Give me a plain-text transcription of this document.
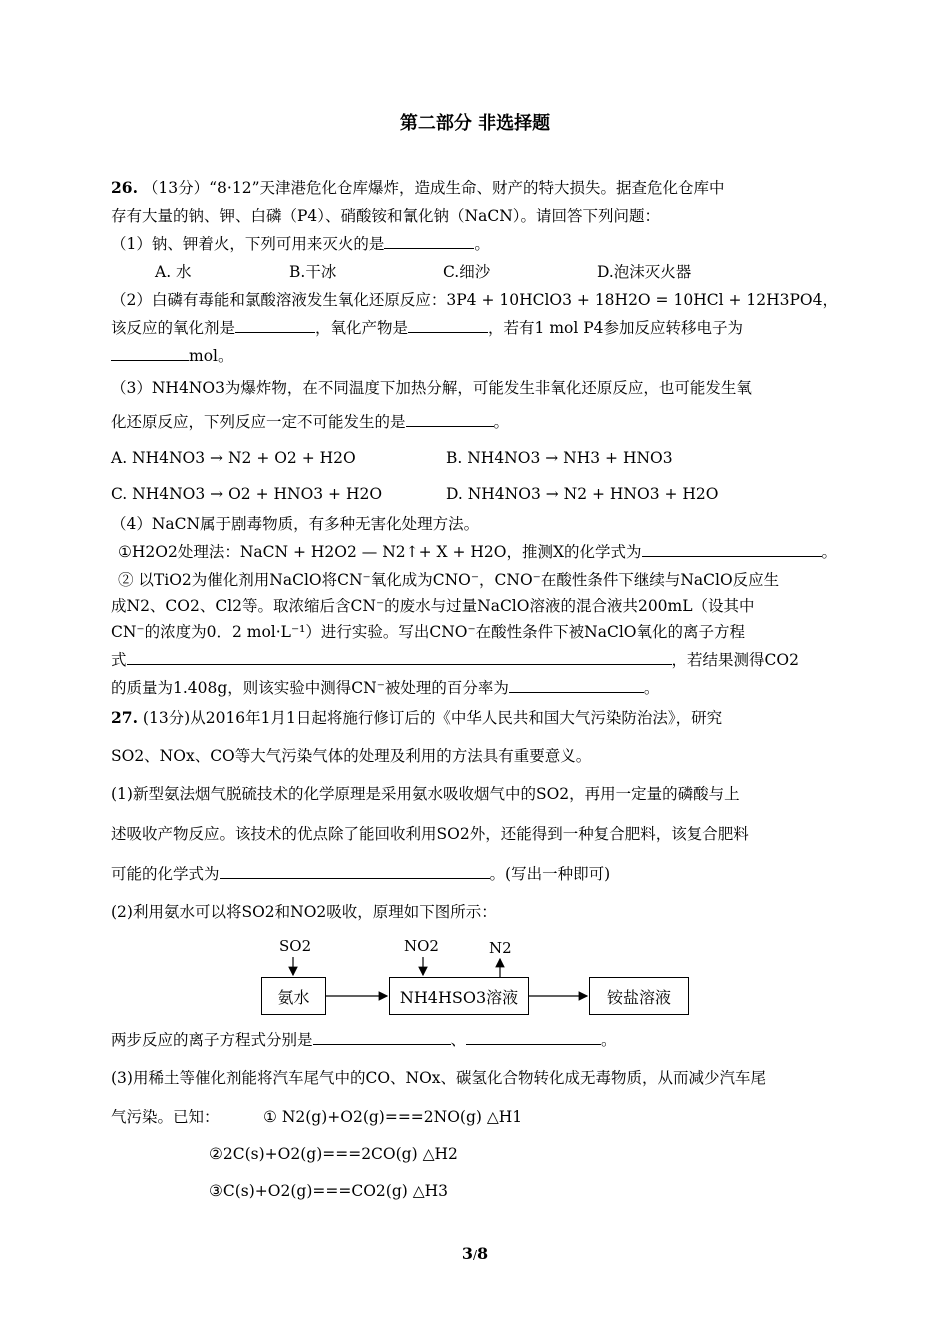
第二部分 非选择题
26. （13分）“8·12”天津港危化仓库爆炸，造成生命、财产的特大损失。据查危化仓库中
存有大量的钠、钾、白磷（P4）、硝酸铵和氰化钠（NaCN）。请回答下列问题：
（1）钠、钾着火，下列可用来灭火的是	。
A. 水	B.干冰	C.细沙	D.泡沫灭火器
（2）白磷有毒能和氯酸溶液发生氧化还原反应：3P4 + 10HClO3 + 18H2O = 10HCl + 12H3PO4，
该反应的氧化剂是	，氧化产物是	，若有1 mol P4参加反应转移电子为
mol。
（3）NH4NO3为爆炸物，在不同温度下加热分解，可能发生非氧化还原反应，也可能发生氧
化还原反应，下列反应一定不可能发生的是	。
A. NH4NO3 → N2 + O2 + H2O	B. NH4NO3 → NH3 + HNO3
C. NH4NO3 → O2 + HNO3 + H2O	D. NH4NO3 → N2 + HNO3 + H2O
（4）NaCN属于剧毒物质，有多种无害化处理方法。
①H2O2处理法：NaCN + H2O2 — N2↑+ X + H2O，推测X的化学式为	。
② 以TiO2为催化剂用NaClO将CN⁻氧化成为CNO⁻，CNO⁻在酸性条件下继续与NaClO反应生
成N2、CO2、Cl2等。取浓缩后含CN⁻的废水与过量NaClO溶液的混合液共200mL（设其中
CN⁻的浓度为0．2 mol·L⁻¹）进行实验。写出CNO⁻在酸性条件下被NaClO氧化的离子方程
式	，若结果测得CO2
的质量为1.408g，则该实验中测得CN⁻被处理的百分率为	。
27. (13分)从2016年1月1日起将施行修订后的《中华人民共和国大气污染防治法》，研究
SO2、NOx、CO等大气污染气体的处理及利用的方法具有重要意义。
(1)新型氨法烟气脱硫技术的化学原理是采用氨水吸收烟气中的SO2，再用一定量的磷酸与上
述吸收产物反应。该技术的优点除了能回收利用SO2外，还能得到一种复合肥料，该复合肥料
可能的化学式为	。(写出一种即可)
(2)利用氨水可以将SO2和NO2吸收，原理如下图所示：
SO2	NO2	N2
氨水	NH4HSO3溶液	铵盐溶液
两步反应的离子方程式分别是	、	。
(3)用稀土等催化剂能将汽车尾气中的CO、NOx、碳氢化合物转化成无毒物质，从而减少汽车尾
气污染。已知：	① N2(g)+O2(g)===2NO(g) △H1
②2C(s)+O2(g)===2CO(g) △H2
③C(s)+O2(g)===CO2(g) △H3
3/8
